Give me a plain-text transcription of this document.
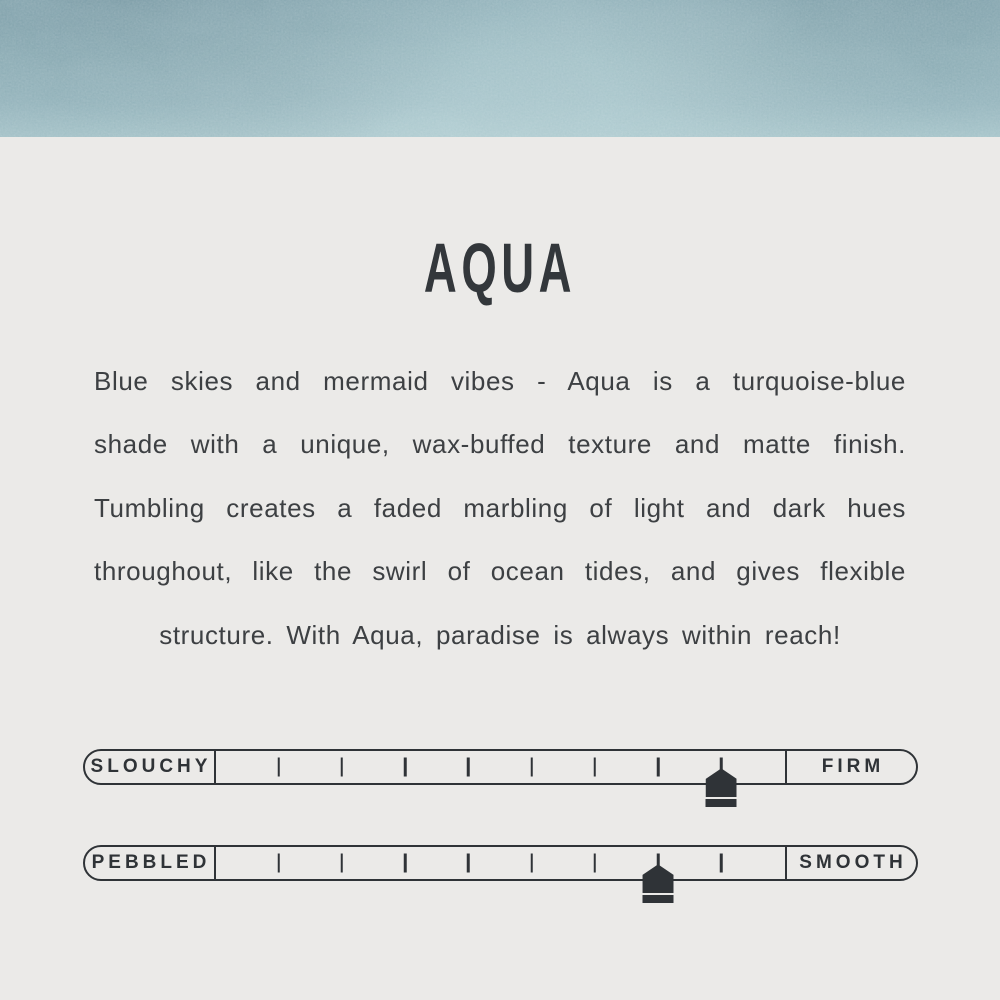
AQUA

Blue skies and mermaid vibes - Aqua is a turquoise-blue shade with a unique, wax-buffed texture and matte finish. Tumbling creates a faded marbling of light and dark hues throughout, like the swirl of ocean tides, and gives flexible structure. With Aqua, paradise is always within reach!

SLOUCHY	FIRM
PEBBLED	SMOOTH
